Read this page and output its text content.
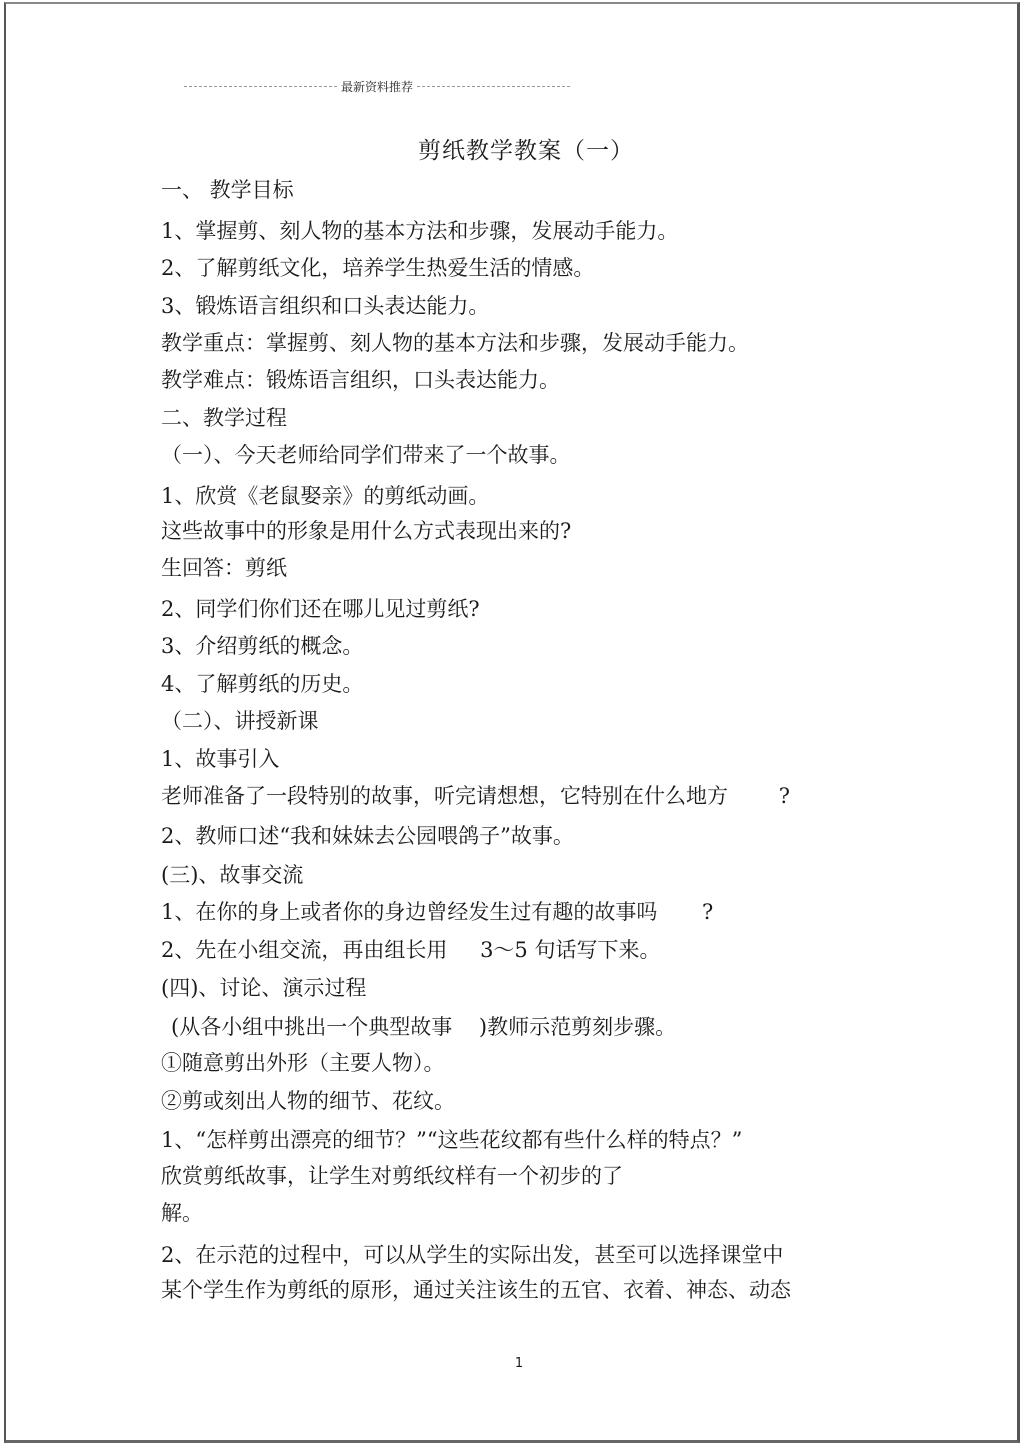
最新资料推荐
剪纸教学教案（一）
一、 教学目标
1、掌握剪、刻人物的基本方法和步骤，发展动手能力。
2、了解剪纸文化，培养学生热爱生活的情感。
3、锻炼语言组织和口头表达能力。
教学重点：掌握剪、刻人物的基本方法和步骤，发展动手能力。
教学难点：锻炼语言组织，口头表达能力。
二、教学过程
（一）、今天老师给同学们带来了一个故事。
1、欣赏《老鼠娶亲》的剪纸动画。
这些故事中的形象是用什么方式表现出来的?
生回答：剪纸
2、同学们你们还在哪儿见过剪纸?
3、介绍剪纸的概念。
4、了解剪纸的历史。
（二）、讲授新课
1、故事引入
老师准备了一段特别的故事，听完请想想，它特别在什么地方 ?
2、教师口述“我和妹妹去公园喂鸽子”故事。
(三)、故事交流
1、在你的身上或者你的身边曾经发生过有趣的故事吗 ?
2、先在小组交流，再由组长用 3～5 句话写下来。
(四)、讨论、演示过程
(从各小组中挑出一个典型故事 )教师示范剪刻步骤。
①随意剪出外形（主要人物）。
②剪或刻出人物的细节、花纹。
1、“怎样剪出漂亮的细节？”“这些花纹都有些什么样的特点？”
欣赏剪纸故事，让学生对剪纸纹样有一个初步的了
解。
2、在示范的过程中，可以从学生的实际出发，甚至可以选择课堂中
某个学生作为剪纸的原形，通过关注该生的五官、衣着、神态、动态
1
